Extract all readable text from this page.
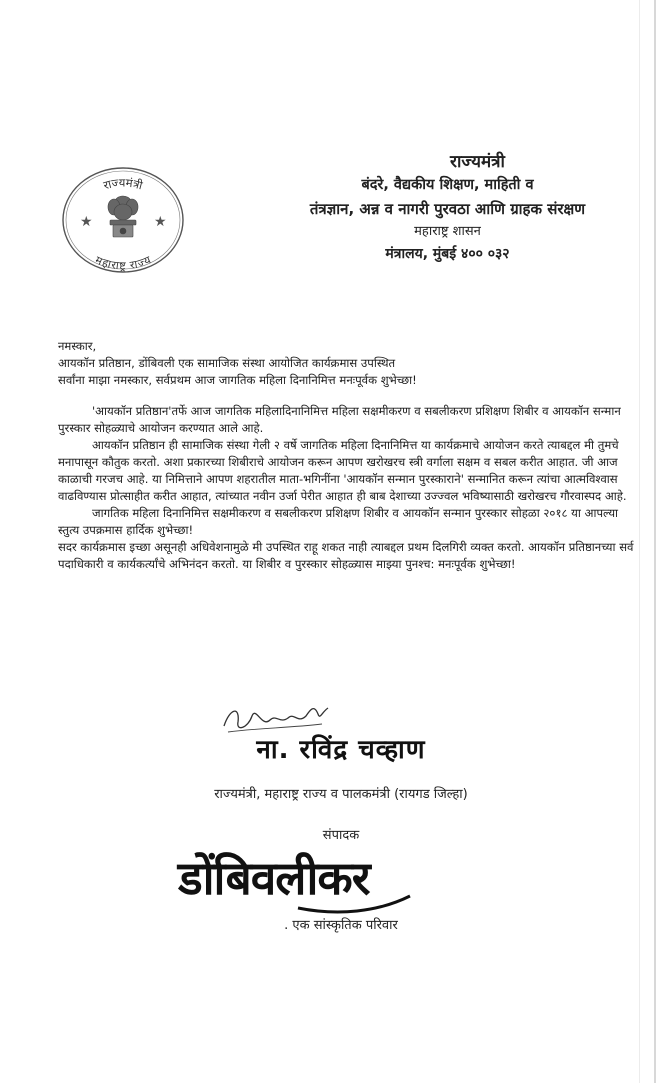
राज्यमंत्री
महाराष्ट्र राज्य
★	★
राज्यमंत्री
बंदरे, वैद्यकीय शिक्षण, माहिती व
तंत्रज्ञान, अन्न व नागरी पुरवठा आणि ग्राहक संरक्षण
महाराष्ट्र शासन
मंत्रालय, मुंबई ४०० ०३२

नमस्कार,

आयकॉन प्रतिष्ठान, डोंबिवली एक सामाजिक संस्था आयोजित कार्यक्रमास उपस्थित

सर्वांना माझा नमस्कार, सर्वप्रथम आज जागतिक महिला दिनानिमित्त मनःपूर्वक शुभेच्छा!

'आयकॉन प्रतिष्ठान'तर्फे आज जागतिक महिलादिनानिमित्त महिला सक्षमीकरण व सबलीकरण प्रशिक्षण शिबीर व आयकॉन सन्मान पुरस्कार सोहळ्याचे आयोजन करण्यात आले आहे.

आयकॉन प्रतिष्ठान ही सामाजिक संस्था गेली २ वर्षे जागतिक महिला दिनानिमित्त या कार्यक्रमाचे आयोजन करते त्याबद्दल मी तुमचे मनापासून कौतुक करतो. अशा प्रकारच्या शिबीराचे आयोजन करून आपण खरोखरच स्त्री वर्गाला सक्षम व सबल करीत आहात. जी आज काळाची गरजच आहे. या निमित्ताने आपण शहरातील माता-भगिनींना 'आयकॉन सन्मान पुरस्काराने' सन्मानित करून त्यांचा आत्मविश्वास वाढविण्यास प्रोत्साहीत करीत आहात, त्यांच्यात नवीन उर्जा पेरीत आहात ही बाब देशाच्या उज्ज्वल भविष्यासाठी खरोखरच गौरवास्पद आहे.

जागतिक महिला दिनानिमित्त सक्षमीकरण व सबलीकरण प्रशिक्षण शिबीर व आयकॉन सन्मान पुरस्कार सोहळा २०१८ या आपल्या स्तुत्य उपक्रमास हार्दिक शुभेच्छा!

सदर कार्यक्रमास इच्छा असूनही अधिवेशनामुळे मी उपस्थित राहू शकत नाही त्याबद्दल प्रथम दिलगिरी व्यक्त करतो. आयकॉन प्रतिष्ठानच्या सर्व पदाधिकारी व कार्यकर्त्यांचे अभिनंदन करतो. या शिबीर व पुरस्कार सोहळ्यास माझ्या पुनश्च: मनःपूर्वक शुभेच्छा!

ना. रविंद्र चव्हाण
राज्यमंत्री, महाराष्ट्र राज्य व पालकमंत्री (रायगड जिल्हा)
संपादक
डोंबिवलीकर
. एक सांस्कृतिक परिवार
